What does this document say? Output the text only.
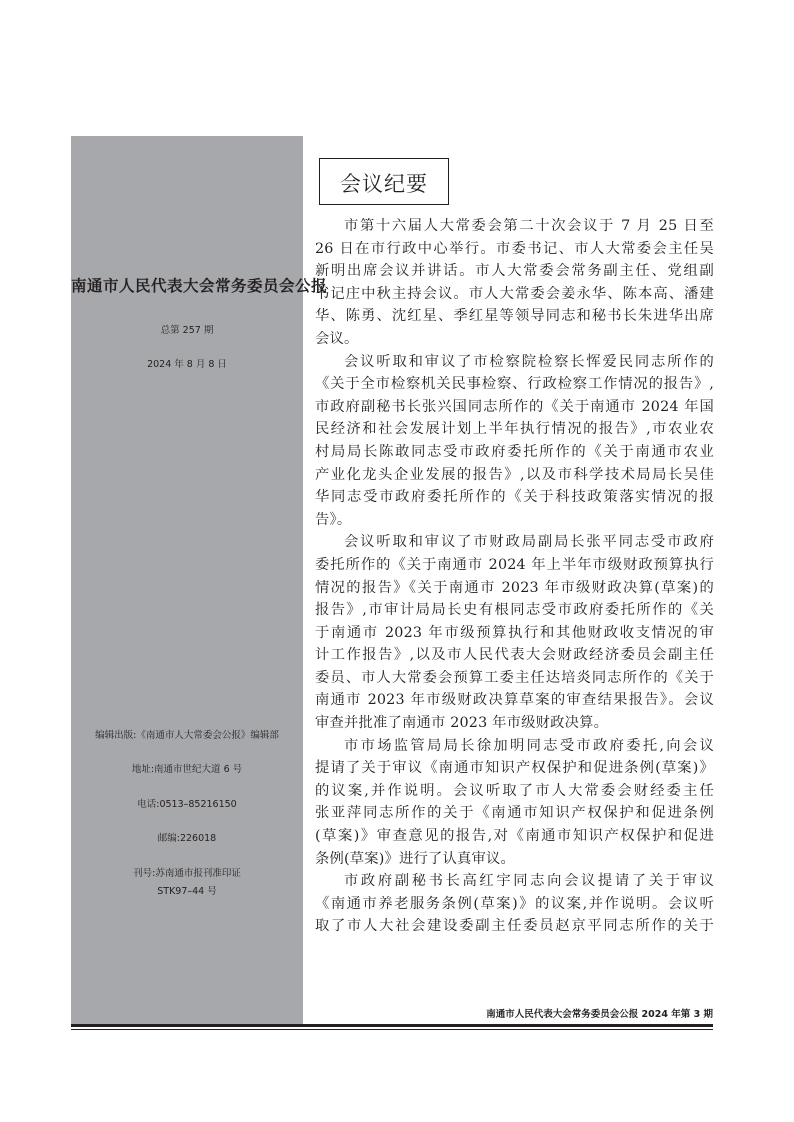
南通市人民代表大会常务委员会公报
总第 257 期
2024 年 8 月 8 日
编辑出版:《南通市人大常委会公报》编辑部
地址:南通市世纪大道 6 号
电话:0513–85216150
邮编:226018
刊号:苏南通市报刊准印证
STK97–44 号
会议纪要
市第十六届人大常委会第二十次会议于 7 月 25 日至
26 日在市行政中心举行。市委书记、市人大常委会主任吴
新明出席会议并讲话。市人大常委会常务副主任、党组副
书记庄中秋主持会议。市人大常委会姜永华、陈本高、潘建
华、陈勇、沈红星、季红星等领导同志和秘书长朱进华出席
会议。
会议听取和审议了市检察院检察长恽爱民同志所作的
《关于全市检察机关民事检察、行政检察工作情况的报告》,
市政府副秘书长张兴国同志所作的《关于南通市 2024 年国
民经济和社会发展计划上半年执行情况的报告》,市农业农
村局局长陈敢同志受市政府委托所作的《关于南通市农业
产业化龙头企业发展的报告》,以及市科学技术局局长吴佳
华同志受市政府委托所作的《关于科技政策落实情况的报
告》。
会议听取和审议了市财政局副局长张平同志受市政府
委托所作的《关于南通市 2024 年上半年市级财政预算执行
情况的报告》《关于南通市 2023 年市级财政决算(草案)的
报告》,市审计局局长史有根同志受市政府委托所作的《关
于南通市 2023 年市级预算执行和其他财政收支情况的审
计工作报告》,以及市人民代表大会财政经济委员会副主任
委员、市人大常委会预算工委主任达培炎同志所作的《关于
南通市 2023 年市级财政决算草案的审查结果报告》。会议
审查并批准了南通市 2023 年市级财政决算。
市市场监管局局长徐加明同志受市政府委托,向会议
提请了关于审议《南通市知识产权保护和促进条例(草案)》
的议案,并作说明。会议听取了市人大常委会财经委主任
张亚萍同志所作的关于《南通市知识产权保护和促进条例
(草案)》审查意见的报告,对《南通市知识产权保护和促进
条例(草案)》进行了认真审议。
市政府副秘书长高红宇同志向会议提请了关于审议
《南通市养老服务条例(草案)》的议案,并作说明。会议听
取了市人大社会建设委副主任委员赵京平同志所作的关于
南通市人民代表大会常务委员会公报 2024 年第 3 期
